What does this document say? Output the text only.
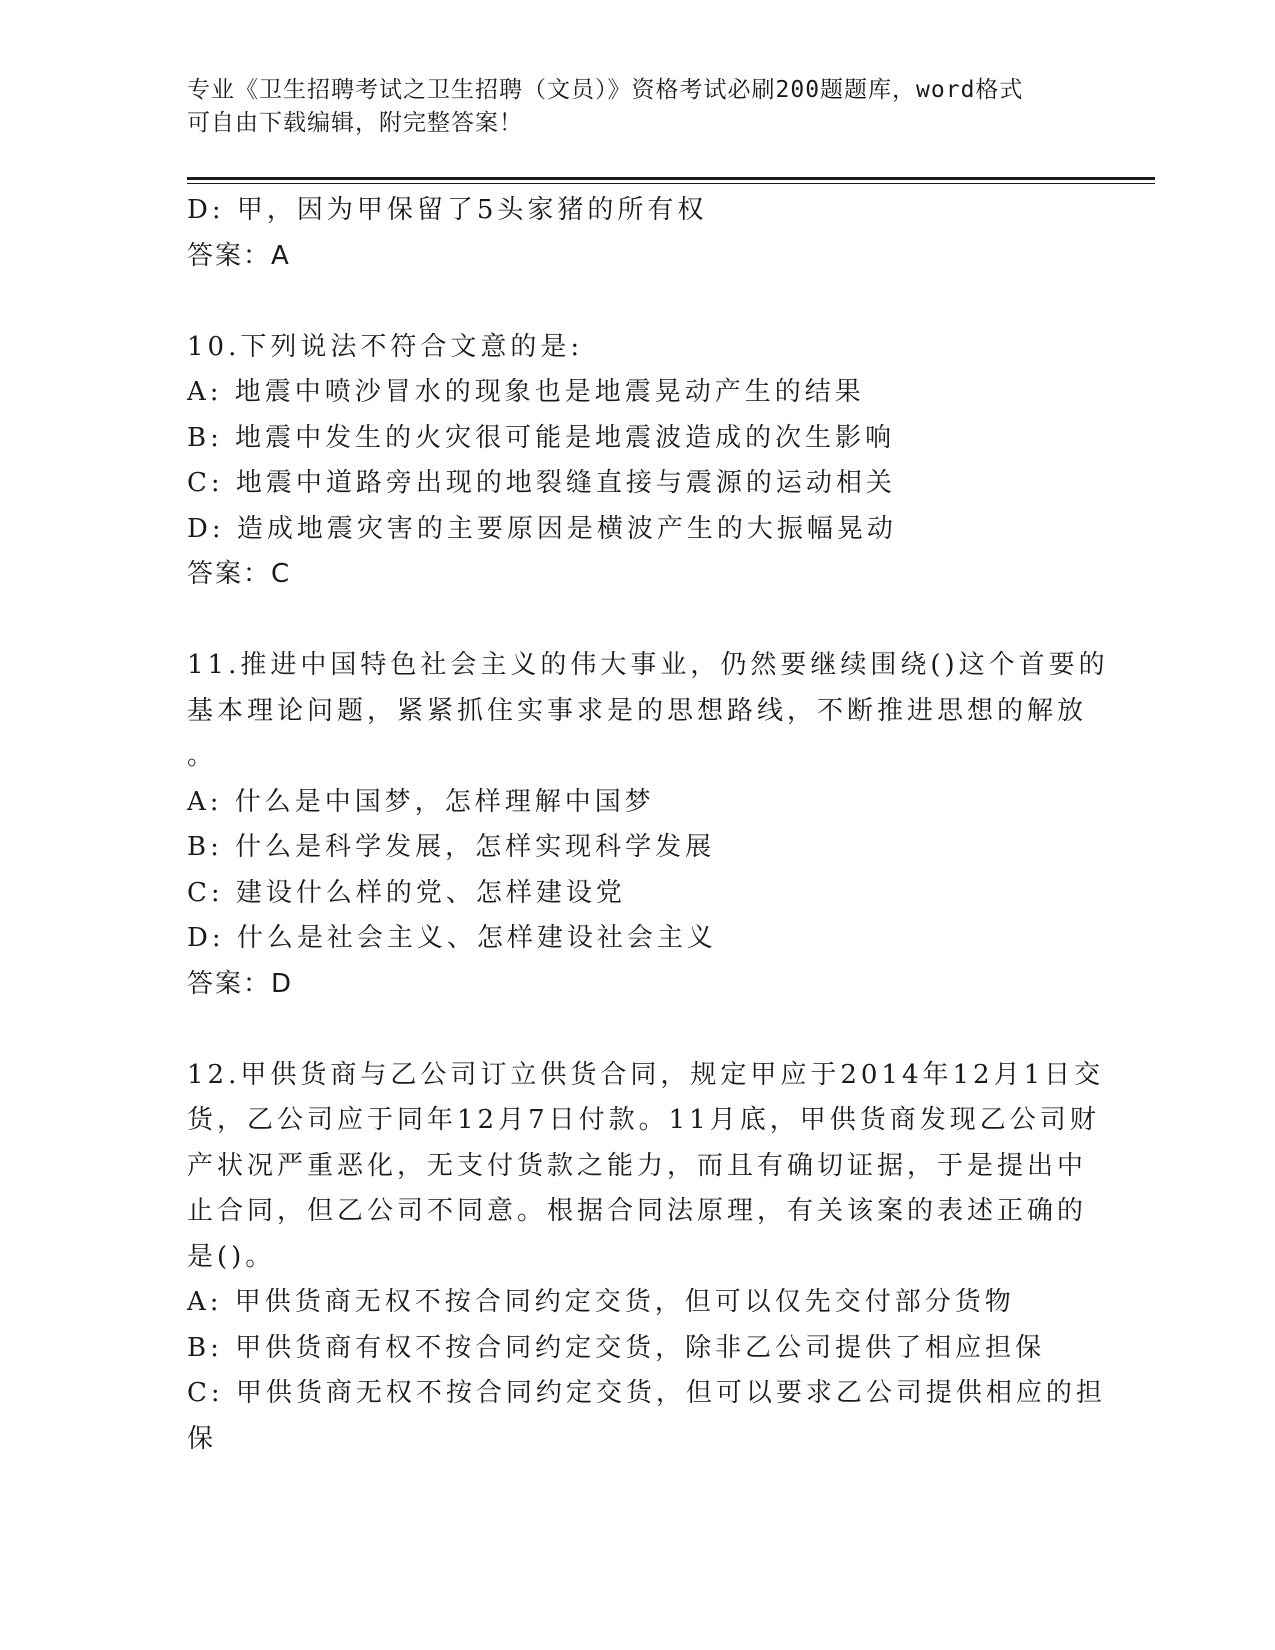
专业《卫生招聘考试之卫生招聘（文员）》资格考试必刷200题题库，word格式
可自由下载编辑，附完整答案！
D: 甲，因为甲保留了5头家猪的所有权
答案：A
10.下列说法不符合文意的是:
A: 地震中喷沙冒水的现象也是地震晃动产生的结果
B: 地震中发生的火灾很可能是地震波造成的次生影响
C: 地震中道路旁出现的地裂缝直接与震源的运动相关
D: 造成地震灾害的主要原因是横波产生的大振幅晃动
答案：C
11.推进中国特色社会主义的伟大事业，仍然要继续围绕()这个首要的
基本理论问题，紧紧抓住实事求是的思想路线，不断推进思想的解放
。
A: 什么是中国梦，怎样理解中国梦
B: 什么是科学发展，怎样实现科学发展
C: 建设什么样的党、怎样建设党
D: 什么是社会主义、怎样建设社会主义
答案：D
12.甲供货商与乙公司订立供货合同，规定甲应于2014年12月1日交
货，乙公司应于同年12月7日付款。11月底，甲供货商发现乙公司财
产状况严重恶化，无支付货款之能力，而且有确切证据，于是提出中
止合同，但乙公司不同意。根据合同法原理，有关该案的表述正确的
是()。
A: 甲供货商无权不按合同约定交货，但可以仅先交付部分货物
B: 甲供货商有权不按合同约定交货，除非乙公司提供了相应担保
C: 甲供货商无权不按合同约定交货，但可以要求乙公司提供相应的担
保
